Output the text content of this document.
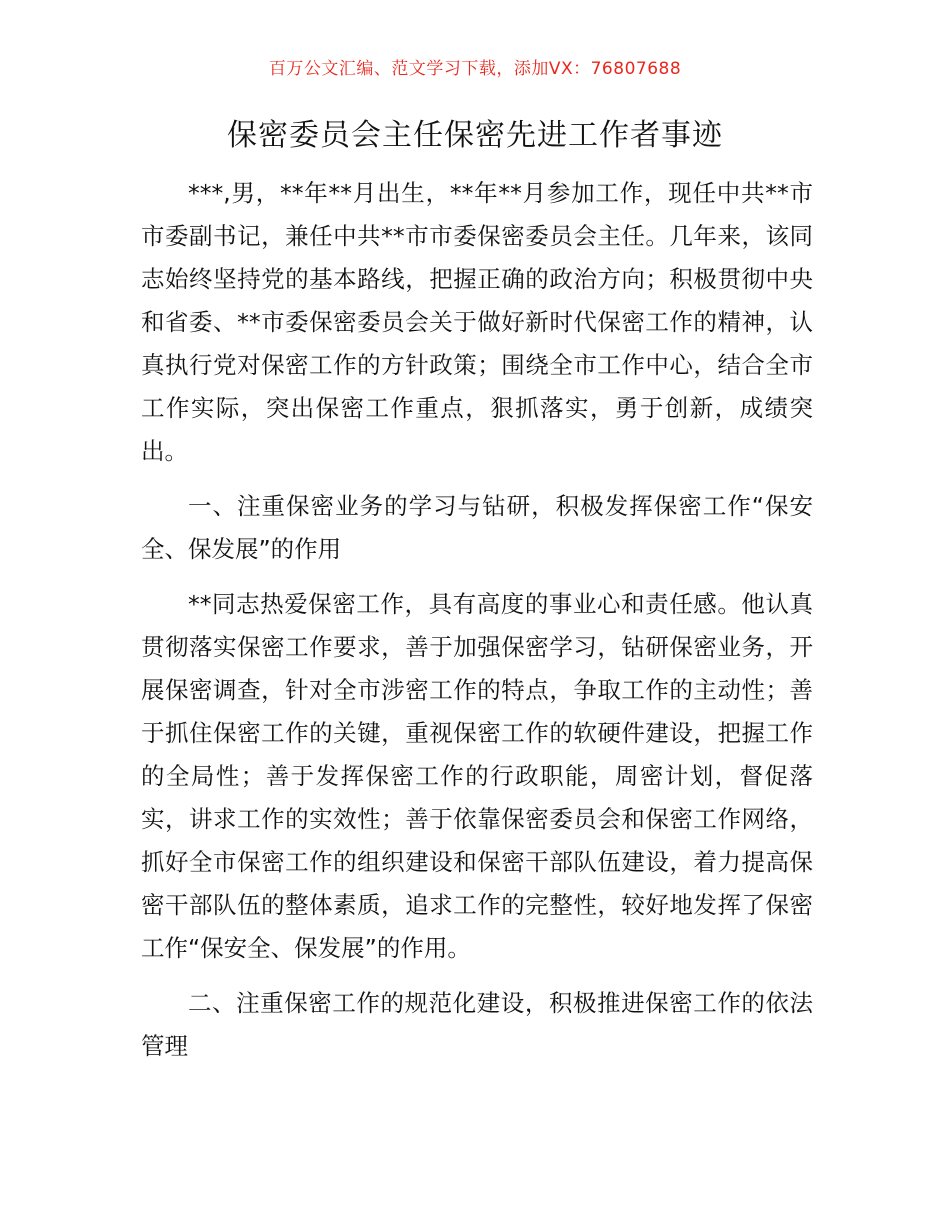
百万公文汇编、范文学习下载，添加VX：76807688
保密委员会主任保密先进工作者事迹

***,男，**年**月出生，**年**月参加工作，现任中共**市市委副书记，兼任中共**市市委保密委员会主任。几年来，该同志始终坚持党的基本路线，把握正确的政治方向；积极贯彻中央和省委、**市委保密委员会关于做好新时代保密工作的精神，认真执行党对保密工作的方针政策；围绕全市工作中心，结合全市工作实际，突出保密工作重点，狠抓落实，勇于创新，成绩突出。

一、注重保密业务的学习与钻研，积极发挥保密工作“保安全、保发展”的作用

**同志热爱保密工作，具有高度的事业心和责任感。他认真贯彻落实保密工作要求，善于加强保密学习，钻研保密业务，开展保密调查，针对全市涉密工作的特点，争取工作的主动性；善于抓住保密工作的关键，重视保密工作的软硬件建设，把握工作的全局性；善于发挥保密工作的行政职能，周密计划，督促落实，讲求工作的实效性；善于依靠保密委员会和保密工作网络，抓好全市保密工作的组织建设和保密干部队伍建设，着力提高保密干部队伍的整体素质，追求工作的完整性，较好地发挥了保密工作“保安全、保发展”的作用。

二、注重保密工作的规范化建设，积极推进保密工作的依法管理
